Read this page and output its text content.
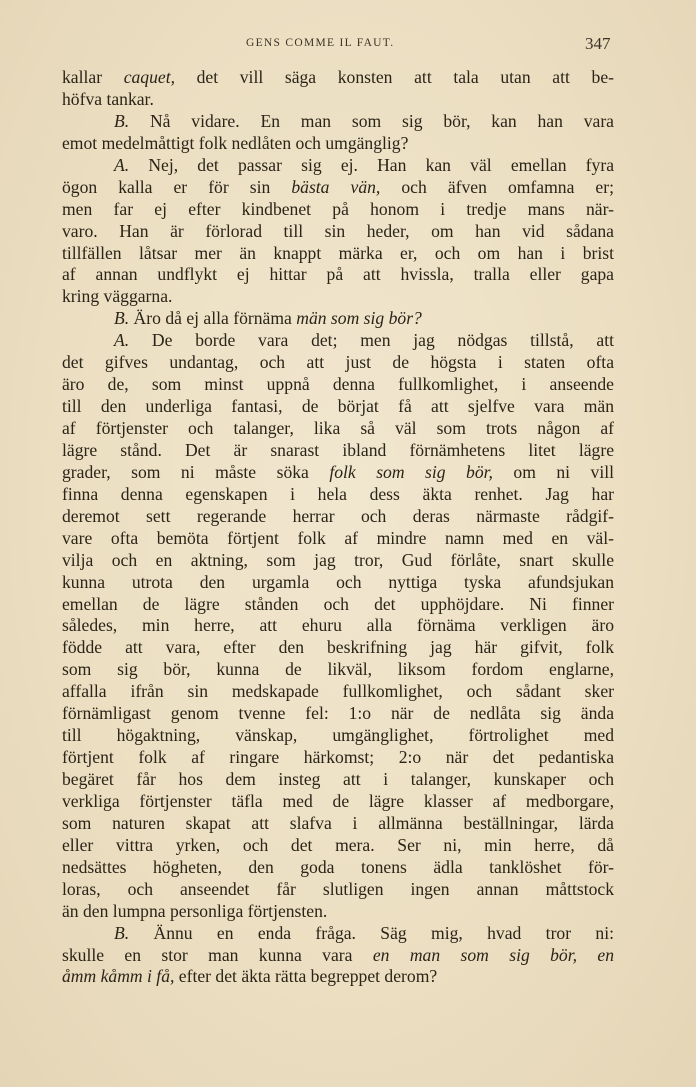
GENS COMME IL FAUT.	347
kallar caquet, det vill säga konsten att tala utan att be-
höfva tankar.
B. Nå vidare. En man som sig bör, kan han vara
emot medelmåttigt folk nedlåten och umgänglig?
A. Nej, det passar sig ej. Han kan väl emellan fyra
ögon kalla er för sin bästa vän, och äfven omfamna er;
men far ej efter kindbenet på honom i tredje mans när-
varo. Han är förlorad till sin heder, om han vid sådana
tillfällen låtsar mer än knappt märka er, och om han i brist
af annan undflykt ej hittar på att hvissla, tralla eller gapa
kring väggarna.
B. Äro då ej alla förnäma män som sig bör?
A. De borde vara det; men jag nödgas tillstå, att
det gifves undantag, och att just de högsta i staten ofta
äro de, som minst uppnå denna fullkomlighet, i anseende
till den underliga fantasi, de börjat få att sjelfve vara män
af förtjenster och talanger, lika så väl som trots någon af
lägre stånd. Det är snarast ibland förnämhetens litet lägre
grader, som ni måste söka folk som sig bör, om ni vill
finna denna egenskapen i hela dess äkta renhet. Jag har
deremot sett regerande herrar och deras närmaste rådgif-
vare ofta bemöta förtjent folk af mindre namn med en väl-
vilja och en aktning, som jag tror, Gud förlåte, snart skulle
kunna utrota den urgamla och nyttiga tyska afundsjukan
emellan de lägre stånden och det upphöjdare. Ni finner
således, min herre, att ehuru alla förnäma verkligen äro
födde att vara, efter den beskrifning jag här gifvit, folk
som sig bör, kunna de likväl, liksom fordom englarne,
affalla ifrån sin medskapade fullkomlighet, och sådant sker
förnämligast genom tvenne fel: 1:o när de nedlåta sig ända
till högaktning, vänskap, umgänglighet, förtrolighet med
förtjent folk af ringare härkomst; 2:o när det pedantiska
begäret får hos dem insteg att i talanger, kunskaper och
verkliga förtjenster täfla med de lägre klasser af medborgare,
som naturen skapat att slafva i allmänna beställningar, lärda
eller vittra yrken, och det mera. Ser ni, min herre, då
nedsättes högheten, den goda tonens ädla tanklöshet för-
loras, och anseendet får slutligen ingen annan måttstock
än den lumpna personliga förtjensten.
B. Ännu en enda fråga. Säg mig, hvad tror ni:
skulle en stor man kunna vara en man som sig bör, en
åmm kåmm i få, efter det äkta rätta begreppet derom?
